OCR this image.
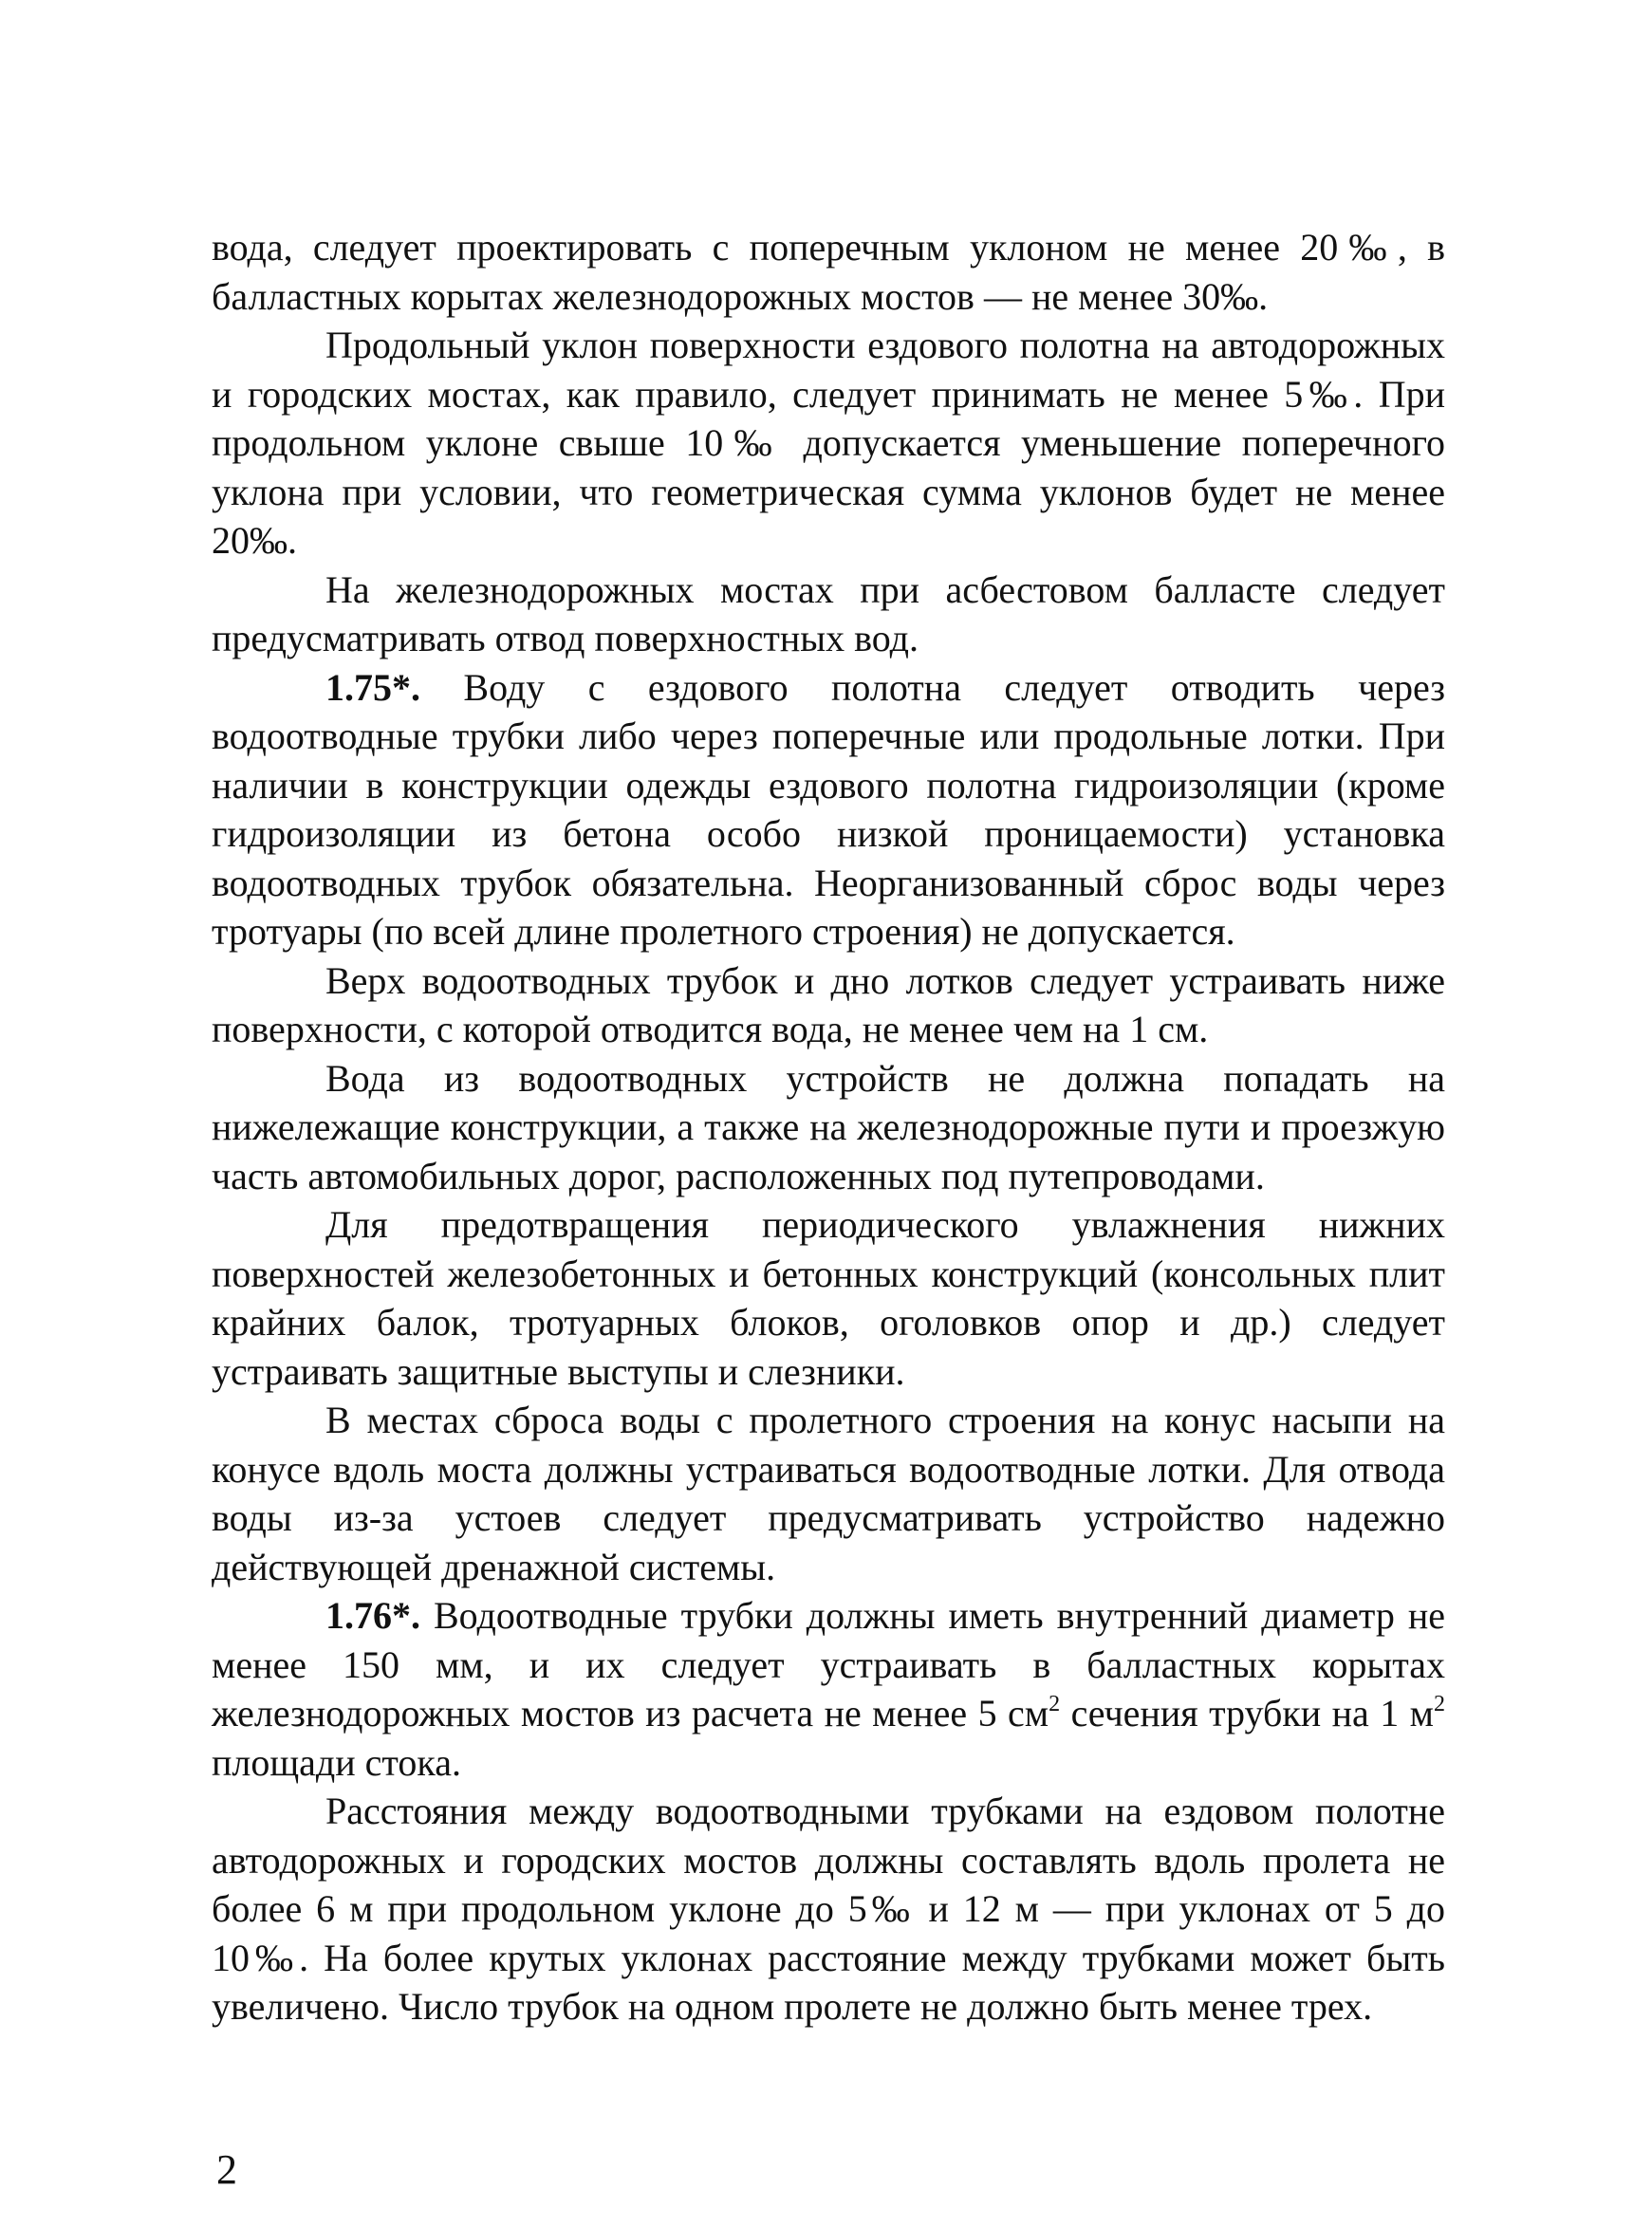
вода, следует проектировать с поперечным уклоном не менее 20‰, в балластных корытах железнодорожных мостов — не менее 30‰.

Продольный уклон поверхности ездового полотна на автодорожных и городских мостах, как правило, следует принимать не менее 5‰. При продольном уклоне свыше 10‰ допускается уменьшение поперечного уклона при условии, что геометрическая сумма уклонов будет не менее 20‰.

На железнодорожных мостах при асбестовом балласте следует предусматривать отвод поверхностных вод.

1.75*. Воду с ездового полотна следует отводить через водоотводные трубки либо через поперечные или продольные лотки. При наличии в конструкции одежды ездового полотна гидроизоляции (кроме гидроизоляции из бетона особо низкой проницаемости) установка водоотводных трубок обязательна. Неорганизованный сброс воды через тротуары (по всей длине пролетного строения) не допускается.

Верх водоотводных трубок и дно лотков следует устраивать ниже поверхности, с которой отводится вода, не менее чем на 1 см.

Вода из водоотводных устройств не должна попадать на нижележащие конструкции, а также на железнодорожные пути и проезжую часть автомобильных дорог, расположенных под путепроводами.

Для предотвращения периодического увлажнения нижних поверхностей железобетонных и бетонных конструкций (консольных плит крайних балок, тротуарных блоков, оголовков опор и др.) следует устраивать защитные выступы и слезники.

В местах сброса воды с пролетного строения на конус насыпи на конусе вдоль моста должны устраиваться водоотводные лотки. Для отвода воды из-за устоев следует предусматривать устройство надежно действующей дренажной системы.

1.76*. Водоотводные трубки должны иметь внутренний диаметр не менее 150 мм, и их следует устраивать в балластных корытах железнодорожных мостов из расчета не менее 5 $см^2$ сечения трубки на 1 $м^2$ площади стока.

Расстояния между водоотводными трубками на ездовом полотне автодорожных и городских мостов должны составлять вдоль пролета не более 6 м при продольном уклоне до 5‰ и 12 м — при уклонах от 5 до 10‰. На более крутых уклонах расстояние между трубками может быть увеличено. Число трубок на одном пролете не должно быть менее трех.

2
